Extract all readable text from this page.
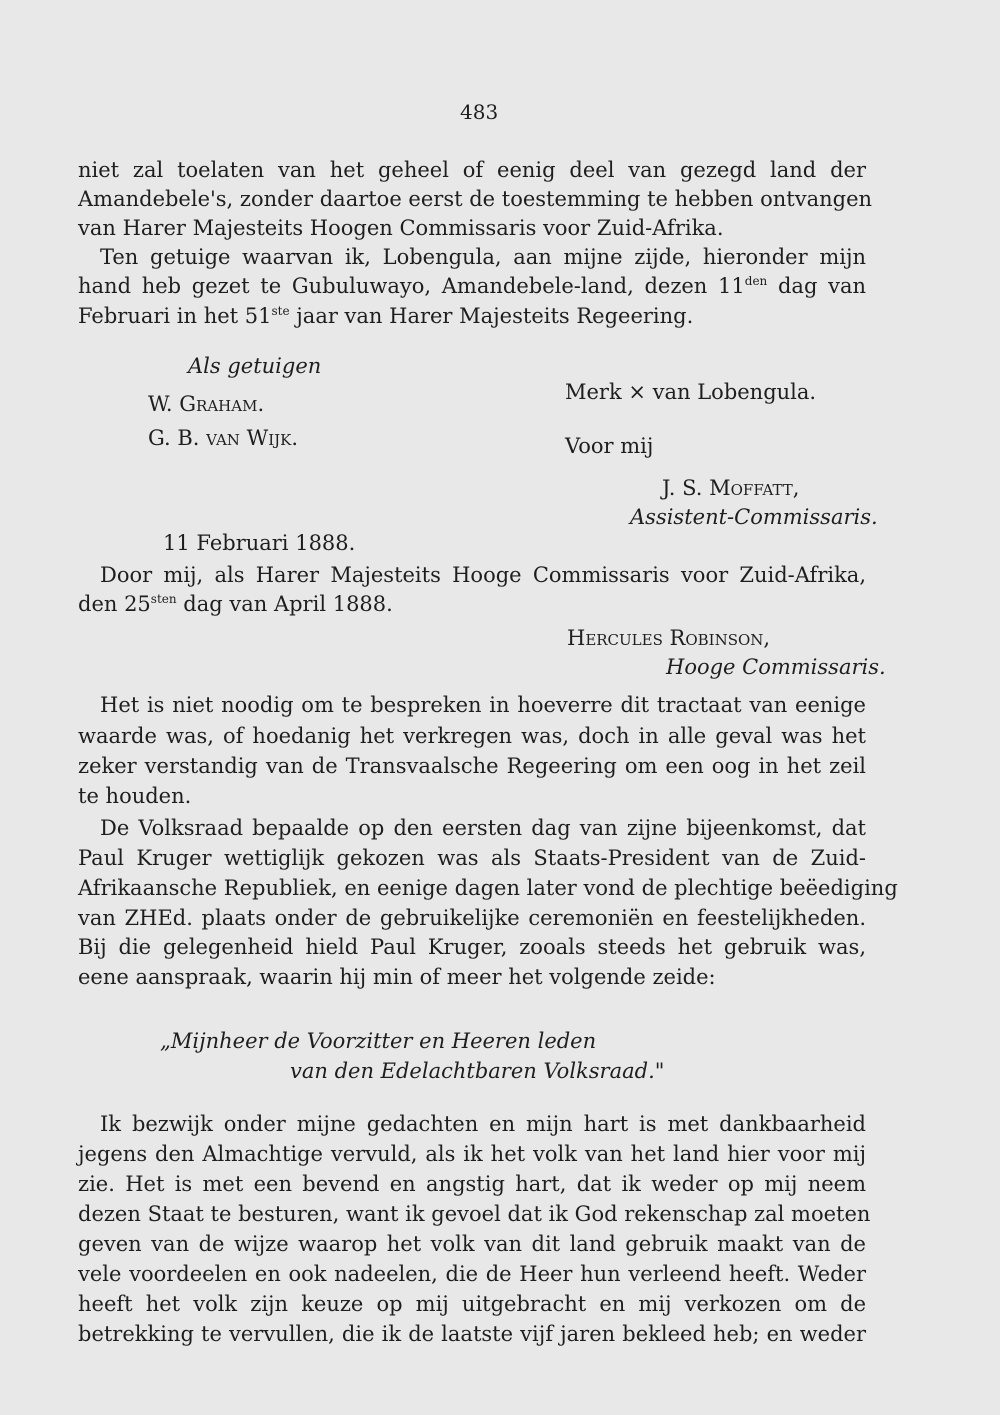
483
niet zal toelaten van het geheel of eenig deel van gezegd land der
Amandebele's, zonder daartoe eerst de toestemming te hebben ontvangen
van Harer Majesteits Hoogen Commissaris voor Zuid-Afrika.
Ten getuige waarvan ik, Lobengula, aan mijne zijde, hieronder mijn
hand heb gezet te Gubuluwayo, Amandebele-land, dezen $11^{den}$ dag van
Februari in het 51ste jaar van Harer Majesteits Regeering.
Als getuigen
W. Graham.
G. B. van Wijk.
Merk × van Lobengula.
Voor mij
J. S. Moffatt,
Assistent-Commissaris.
11 Februari 1888.
Door mij, als Harer Majesteits Hooge Commissaris voor Zuid-Afrika,
den $25^{sten}$ dag van April 1888.
Hercules Robinson,
Hooge Commissaris.
Het is niet noodig om te bespreken in hoeverre dit tractaat van eenige
waarde was, of hoedanig het verkregen was, doch in alle geval was het
zeker verstandig van de Transvaalsche Regeering om een oog in het zeil
te houden.
De Volksraad bepaalde op den eersten dag van zijne bijeenkomst, dat
Paul Kruger wettiglijk gekozen was als Staats-President van de Zuid-
Afrikaansche Republiek, en eenige dagen later vond de plechtige beëediging
van ZHEd. plaats onder de gebruikelijke ceremoniën en feestelijkheden.
Bij die gelegenheid hield Paul Kruger, zooals steeds het gebruik was,
eene aanspraak, waarin hij min of meer het volgende zeide:
„Mijnheer de Voorzitter en Heeren leden
van den Edelachtbaren Volksraad."
Ik bezwijk onder mijne gedachten en mijn hart is met dankbaarheid
jegens den Almachtige vervuld, als ik het volk van het land hier voor mij
zie. Het is met een bevend en angstig hart, dat ik weder op mij neem
dezen Staat te besturen, want ik gevoel dat ik God rekenschap zal moeten
geven van de wijze waarop het volk van dit land gebruik maakt van de
vele voordeelen en ook nadeelen, die de Heer hun verleend heeft. Weder
heeft het volk zijn keuze op mij uitgebracht en mij verkozen om de
betrekking te vervullen, die ik de laatste vijf jaren bekleed heb; en weder
